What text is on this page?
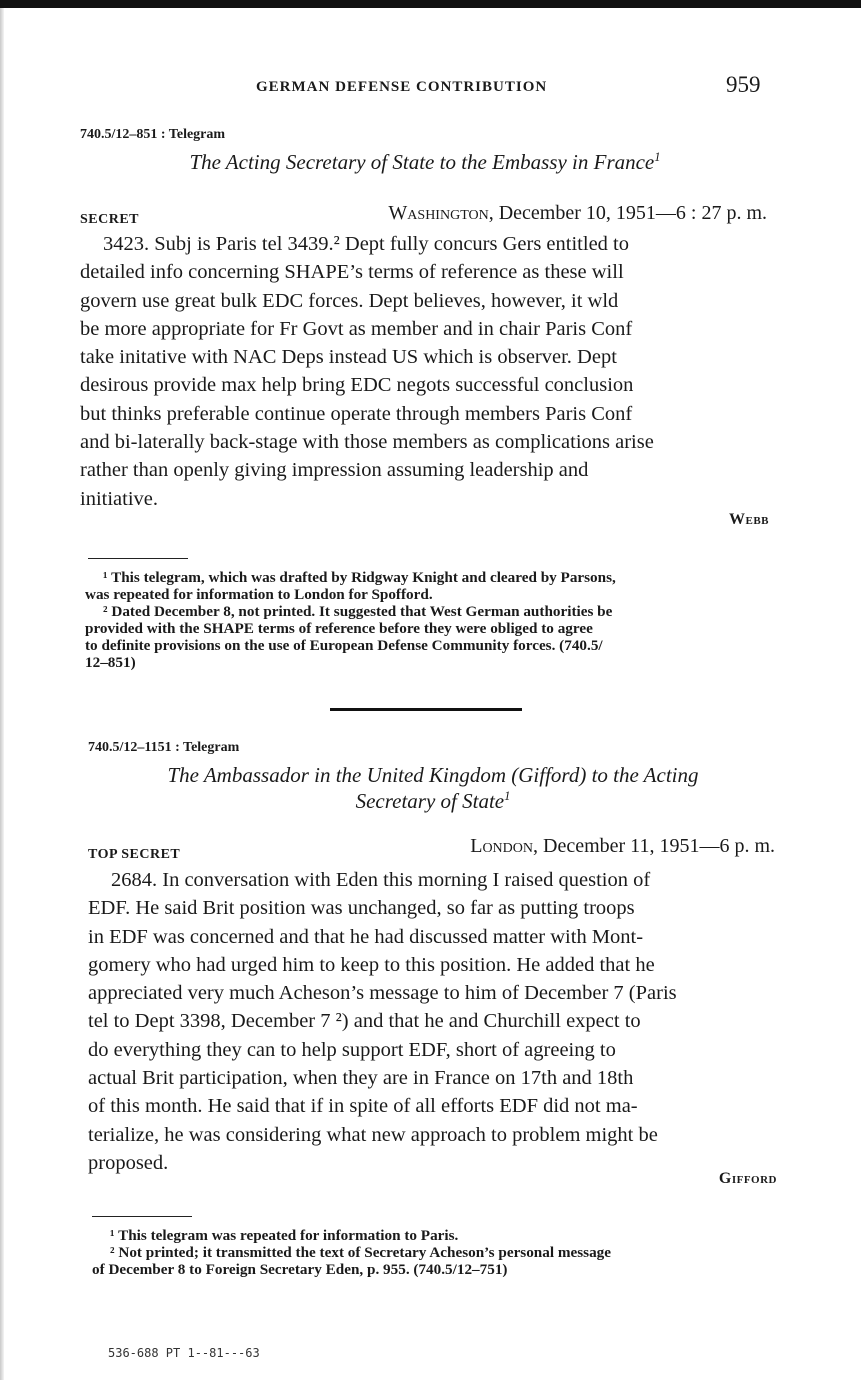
GERMAN DEFENSE CONTRIBUTION	959
740.5/12–851 : Telegram
The Acting Secretary of State to the Embassy in France$^1$
SECRET	Washington, December 10, 1951—6 : 27 p. m.
3423. Subj is Paris tel 3439.² Dept fully concurs Gers entitled to
detailed info concerning SHAPE’s terms of reference as these will
govern use great bulk EDC forces. Dept believes, however, it wld
be more appropriate for Fr Govt as member and in chair Paris Conf
take initative with NAC Deps instead US which is observer. Dept
desirous provide max help bring EDC negots successful conclusion
but thinks preferable continue operate through members Paris Conf
and bi-laterally back-stage with those members as complications arise
rather than openly giving impression assuming leadership and
initiative.
Webb
¹ This telegram, which was drafted by Ridgway Knight and cleared by Parsons,
was repeated for information to London for Spofford.
² Dated December 8, not printed. It suggested that West German authorities be
provided with the SHAPE terms of reference before they were obliged to agree
to definite provisions on the use of European Defense Community forces. (740.5/
12–851)
740.5/12–1151 : Telegram
The Ambassador in the United Kingdom (Gifford) to the Acting
Secretary of State$^1$
TOP SECRET	London, December 11, 1951—6 p. m.
2684. In conversation with Eden this morning I raised question of
EDF. He said Brit position was unchanged, so far as putting troops
in EDF was concerned and that he had discussed matter with Mont-
gomery who had urged him to keep to this position. He added that he
appreciated very much Acheson’s message to him of December 7 (Paris
tel to Dept 3398, December 7 ²) and that he and Churchill expect to
do everything they can to help support EDF, short of agreeing to
actual Brit participation, when they are in France on 17th and 18th
of this month. He said that if in spite of all efforts EDF did not ma-
terialize, he was considering what new approach to problem might be
proposed.
Gifford
¹ This telegram was repeated for information to Paris.
² Not printed; it transmitted the text of Secretary Acheson’s personal message
of December 8 to Foreign Secretary Eden, p. 955. (740.5/12–751)
536-688 PT 1--81---63
